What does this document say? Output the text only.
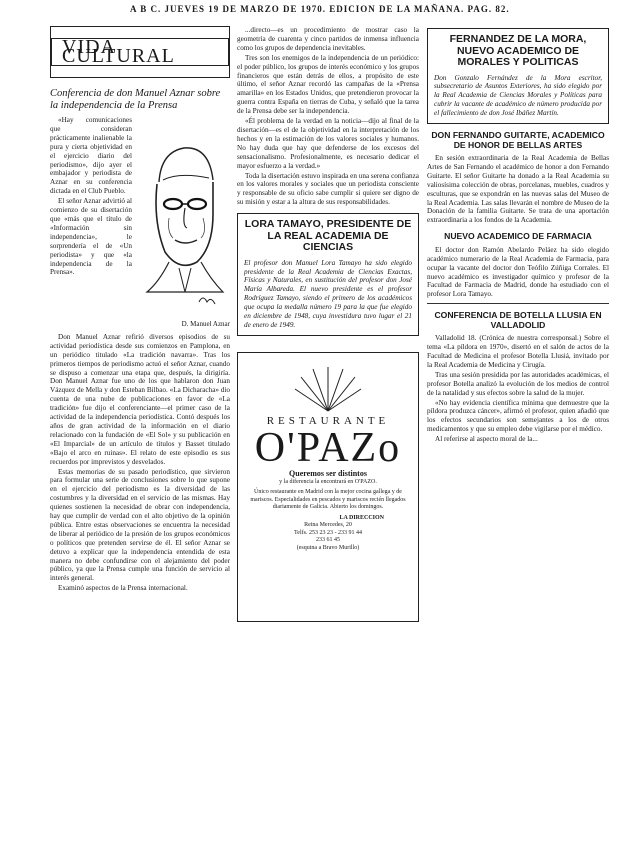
A B C. JUEVES 19 DE MARZO DE 1970. EDICION DE LA MAÑANA. PAG. 82.
VIDA CULTURAL
Conferencia de don Manuel Aznar sobre la independencia de la Prensa

«Hay comunicaciones que consideran prácticamente inalienable la pura y cierta objetividad en el ejercicio diario del periodismo», dijo ayer el embajador y periodista de Aznar en su conferencia dictada en el Club Pueblo.

El señor Aznar advirtió al comienzo de su disertación que «más que el título de «Información sin independencia», le sorprendería el de «Un periodista» y que «la independencia de la Prensa».

D. Manuel Aznar

Don Manuel Aznar refirió diversos episodios de su actividad periodística desde sus comienzos en Pamplona, en un periódico titulado «La tradición navarra». Tras los primeros tiempos de periodismo actuó el señor Aznar, cuando se dispuso a comenzar una etapa que, después, la dirigiría. Don Manuel Aznar fue uno de los que hablaron don Juan Vázquez de Mella y don Esteban Bilbao. «La Dicharacha» dio cuenta de una nube de publicaciones en favor de «La tradición» fue dijo el conferenciante—el primer caso de la actividad de la independencia periodística. Contó después los años de gran actividad de la información en el diario relacionado con la fundación de «El Sol» y su publicación en «El Imparcial» de un artículo de títulos y Basset titulado «Bajo el arco en ruinas». El relato de este episodio es sus recuerdos por imprevistos y desvelados.

Estas memorias de su pasado periodístico, que sirvieron para formular una serie de conclusiones sobre lo que supone en el ejercicio del periodismo es la diversidad de las costumbres y la diversidad en el servicio de las mismas. Hay quienes sostienen la necesidad de obrar con independencia, hay que cumplir de verdad con el alto objetivo de la opinión pública. Entre estas observaciones se encuentra la necesidad de liberar al periódico de la presión de los grupos económicos o políticos que pretenden servirse de él. El señor Aznar se detuvo a explicar que la independencia entendida de esta manera no debe confundirse con el alejamiento del poder público, ya que la Prensa cumple una función de servicio al interés general.

Examinó aspectos de la Prensa internacional.

...directo—es un procedimiento de mostrar caso la geometría de cuarenta y cinco partidos de inmensa influencia como los grupos de dependencia inevitables.

Tres son los enemigos de la independencia de un periódico: el poder público, los grupos de interés económico y los grupos financieros que están detrás de ellos, a propósito de este último, el señor Aznar recordó las campañas de la «Prensa amarilla» en los Estados Unidos, que pretendieron provocar la guerra contra España en tierras de Cuba, y señaló que la tarea de la Prensa debe ser la independencia.

«Él problema de la verdad en la noticia—dijo al final de la disertación—es el de la objetividad en la interpretación de los hechos y en la estimación de los valores sociales y humanos. No hay duda que hay que defenderse de los excesos del sensacionalismo. Profesionalmente, es necesario dedicar el mayor esfuerzo a la verdad.»

Toda la disertación estuvo inspirada en una serena confianza en los valores morales y sociales que un periodista consciente y responsable de su oficio sabe cumplir si quiere ser digno de su misión y estar a la altura de sus responsabilidades.

LORA TAMAYO, PRESIDENTE DE LA REAL ACADEMIA DE CIENCIAS
El profesor don Manuel Lora Tamayo ha sido elegido presidente de la Real Academia de Ciencias Exactas, Físicas y Naturales, en sustitución del profesor don José María Albareda. El nuevo presidente es el profesor Rodríguez Tamayo, siendo el primero de los académicos que ocupa la medalla número 19 para la que fue elegido en diciembre de 1948, cuya investidura tuvo lugar el 21 de enero de 1949.
RESTAURANTE
O'PAZo
Queremos ser distintos
y la diferencia la encontrará en O'PAZO.
Único restaurante en Madrid con la mejor cocina gallega y de mariscos. Especialidades en pescados y mariscos recién llegados diariamente de Galicia. Abierto los domingos.
LA DIRECCION
Reina Mercedes, 20
Telfs. 253 23 23 - 233 91 44
233 61 45
(esquina a Bravo Murillo)
FERNANDEZ DE LA MORA, NUEVO ACADEMICO DE MORALES Y POLITICAS
Don Gonzalo Fernández de la Mora escritor, subsecretario de Asuntos Exteriores, ha sido elegido por la Real Academia de Ciencias Morales y Políticas para cubrir la vacante de académico de número producida por el fallecimiento de don José Ibáñez Martín.
DON FERNANDO GUITARTE, ACADEMICO DE HONOR DE BELLAS ARTES

En sesión extraordinaria de la Real Academia de Bellas Artes de San Fernando el académico de honor a don Fernando Guitarte. El señor Guitarte ha donado a la Real Academia su valiosísima colección de obras, porcelanas, muebles, cuadros y esculturas, que se expondrán en las nuevas salas del Museo de la Real Academia. Las salas llevarán el nombre de Museo de la Donación de la familia Guitarte. Se trata de una aportación extraordinaria a los fondos de la Academia.

NUEVO ACADEMICO DE FARMACIA

El doctor don Ramón Abelardo Peláez ha sido elegido académico numerario de la Real Academia de Farmacia, para ocupar la vacante del doctor don Teófilo Zúñiga Corrales. El nuevo académico es investigador químico y profesor de la Facultad de Farmacia de Madrid, donde ha estudiado con el profesor Lora Tamayo.

CONFERENCIA DE BOTELLA LLUSIA EN VALLADOLID

Valladolid 18. (Crónica de nuestra corresponsal.) Sobre el tema «La píldora en 1970», disertó en el salón de actos de la Facultad de Medicina el profesor Botella Llusiá, invitado por la Real Academia de Medicina y Cirugía.

Tras una sesión presidida por las autoridades académicas, el profesor Botella analizó la evolución de los medios de control de la natalidad y sus efectos sobre la salud de la mujer.

«No hay evidencia científica mínima que demuestre que la píldora produzca cáncer», afirmó el profesor, quien añadió que los efectos secundarios son semejantes a los de otros medicamentos y que su empleo debe vigilarse por el médico.

Al referirse al aspecto moral de la...
